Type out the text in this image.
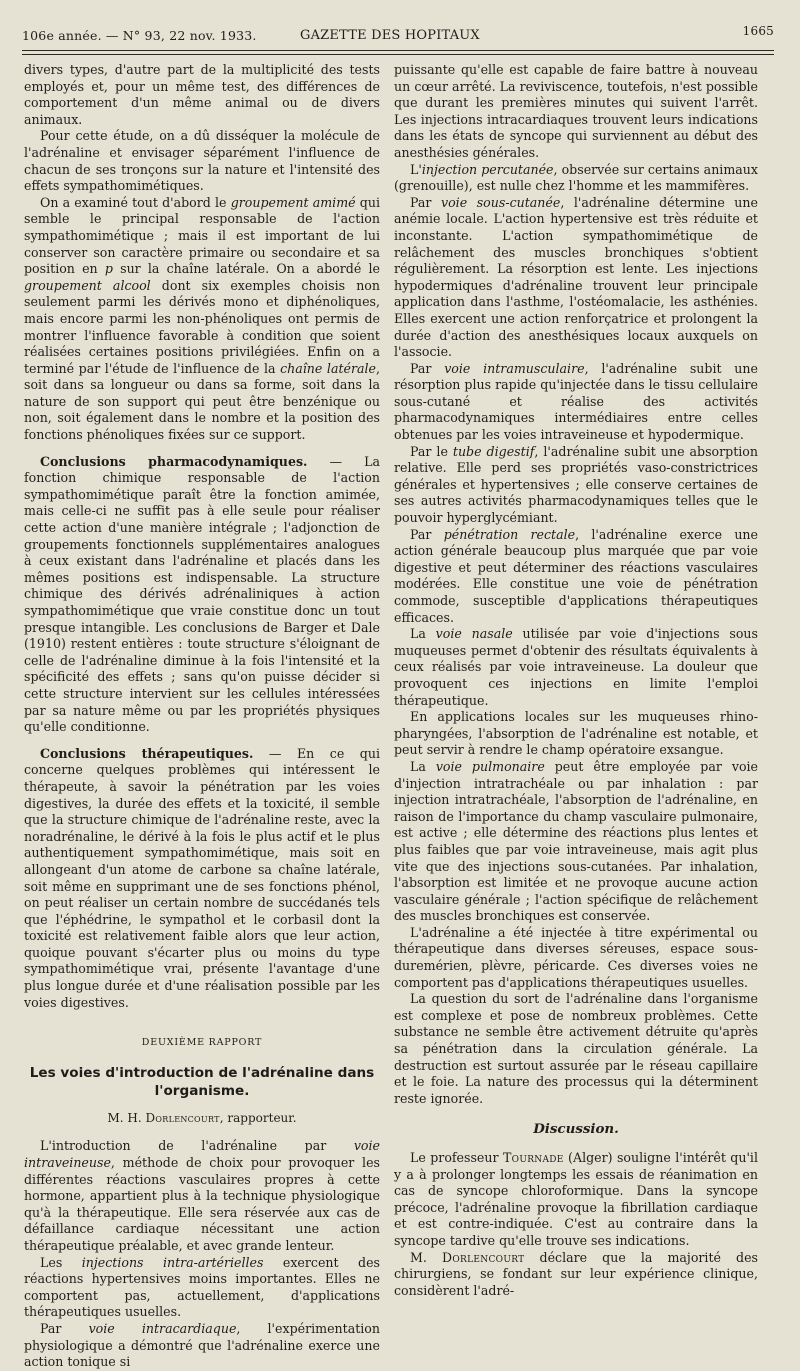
106e année. — N° 93, 22 nov. 1933.	GAZETTE DES HOPITAUX	1665

divers types, d'autre part de la multiplicité des tests employés et, pour un même test, des différences de comportement d'un même animal ou de divers animaux.

Pour cette étude, on a dû disséquer la molécule de l'adrénaline et envisager séparément l'influence de chacun de ses tronçons sur la nature et l'intensité des effets sympathomimétiques.

On a examiné tout d'abord le groupement amimé qui semble le principal responsable de l'action sympathomimétique ; mais il est important de lui conserver son caractère primaire ou secondaire et sa position en p sur la chaîne latérale. On a abordé le groupement alcool dont six exemples choisis non seulement parmi les dérivés mono et diphénoliques, mais encore parmi les non-phénoliques ont permis de montrer l'influence favorable à condition que soient réalisées certaines positions privilégiées. Enfin on a terminé par l'étude de l'influence de la chaîne latérale, soit dans sa longueur ou dans sa forme, soit dans la nature de son support qui peut être benzénique ou non, soit également dans le nombre et la position des fonctions phénoliques fixées sur ce support.

Conclusions pharmacodynamiques. — La fonction chimique responsable de l'action sympathomimétique paraît être la fonction amimée, mais celle-ci ne suffit pas à elle seule pour réaliser cette action d'une manière intégrale ; l'adjonction de groupements fonctionnels supplémentaires analogues à ceux existant dans l'adrénaline et placés dans les mêmes positions est indispensable. La structure chimique des dérivés adrénaliniques à action sympathomimétique que vraie constitue donc un tout presque intangible. Les conclusions de Barger et Dale (1910) restent entières : toute structure s'éloignant de celle de l'adrénaline diminue à la fois l'intensité et la spécificité des effets ; sans qu'on puisse décider si cette structure intervient sur les cellules intéressées par sa nature même ou par les propriétés physiques qu'elle conditionne.

Conclusions thérapeutiques. — En ce qui concerne quelques problèmes qui intéressent le thérapeute, à savoir la pénétration par les voies digestives, la durée des effets et la toxicité, il semble que la structure chimique de l'adrénaline reste, avec la noradrénaline, le dérivé à la fois le plus actif et le plus authentiquement sympathomimétique, mais soit en allongeant d'un atome de carbone sa chaîne latérale, soit même en supprimant une de ses fonctions phénol, on peut réaliser un certain nombre de succédanés tels que l'éphédrine, le sympathol et le corbasil dont la toxicité est relativement faible alors que leur action, quoique pouvant s'écarter plus ou moins du type sympathomimétique vrai, présente l'avantage d'une plus longue durée et d'une réalisation possible par les voies digestives.

DEUXIÈME RAPPORT
Les voies d'introduction de l'adrénaline dans l'organisme.
M. H. Dorlencourt, rapporteur.

L'introduction de l'adrénaline par voie intraveineuse, méthode de choix pour provoquer les différentes réactions vasculaires propres à cette hormone, appartient plus à la technique physiologique qu'à la thérapeutique. Elle sera réservée aux cas de défaillance cardiaque nécessitant une action thérapeutique préalable, et avec grande lenteur.

Les injections intra-artérielles exercent des réactions hypertensives moins importantes. Elles ne comportent pas, actuellement, d'applications thérapeutiques usuelles.

Par voie intracardiaque, l'expérimentation physiologique a démontré que l'adrénaline exerce une action tonique si

puissante qu'elle est capable de faire battre à nouveau un cœur arrêté. La reviviscence, toutefois, n'est possible que durant les premières minutes qui suivent l'arrêt. Les injections intracardiaques trouvent leurs indications dans les états de syncope qui surviennent au début des anesthésies générales.

L'injection percutanée, observée sur certains animaux (grenouille), est nulle chez l'homme et les mammifères.

Par voie sous-cutanée, l'adrénaline détermine une anémie locale. L'action hypertensive est très réduite et inconstante. L'action sympathomimétique de relâchement des muscles bronchiques s'obtient régulièrement. La résorption est lente. Les injections hypodermiques d'adrénaline trouvent leur principale application dans l'asthme, l'ostéomalacie, les asthénies. Elles exercent une action renforçatrice et prolongent la durée d'action des anesthésiques locaux auxquels on l'associe.

Par voie intramusculaire, l'adrénaline subit une résorption plus rapide qu'injectée dans le tissu cellulaire sous-cutané et réalise des activités pharmacodynamiques intermédiaires entre celles obtenues par les voies intraveineuse et hypodermique.

Par le tube digestif, l'adrénaline subit une absorption relative. Elle perd ses propriétés vaso-constrictrices générales et hypertensives ; elle conserve certaines de ses autres activités pharmacodynamiques telles que le pouvoir hyperglycémiant.

Par pénétration rectale, l'adrénaline exerce une action générale beaucoup plus marquée que par voie digestive et peut déterminer des réactions vasculaires modérées. Elle constitue une voie de pénétration commode, susceptible d'applications thérapeutiques efficaces.

La voie nasale utilisée par voie d'injections sous muqueuses permet d'obtenir des résultats équivalents à ceux réalisés par voie intraveineuse. La douleur que provoquent ces injections en limite l'emploi thérapeutique.

En applications locales sur les muqueuses rhino-pharyngées, l'absorption de l'adrénaline est notable, et peut servir à rendre le champ opératoire exsangue.

La voie pulmonaire peut être employée par voie d'injection intratrachéale ou par inhalation : par injection intratrachéale, l'absorption de l'adrénaline, en raison de l'importance du champ vasculaire pulmonaire, est active ; elle détermine des réactions plus lentes et plus faibles que par voie intraveineuse, mais agit plus vite que des injections sous-cutanées. Par inhalation, l'absorption est limitée et ne provoque aucune action vasculaire générale ; l'action spécifique de relâchement des muscles bronchiques est conservée.

L'adrénaline a été injectée à titre expérimental ou thérapeutique dans diverses séreuses, espace sous-duremérien, plèvre, péricarde. Ces diverses voies ne comportent pas d'applications thérapeutiques usuelles.

La question du sort de l'adrénaline dans l'organisme est complexe et pose de nombreux problèmes. Cette substance ne semble être activement détruite qu'après sa pénétration dans la circulation générale. La destruction est surtout assurée par le réseau capillaire et le foie. La nature des processus qui la déterminent reste ignorée.

Discussion.

Le professeur Tournade (Alger) souligne l'intérêt qu'il y a à prolonger longtemps les essais de réanimation en cas de syncope chloroformique. Dans la syncope précoce, l'adrénaline provoque la fibrillation cardiaque et est contre-indiquée. C'est au contraire dans la syncope tardive qu'elle trouve ses indications.

M. Dorlencourt déclare que la majorité des chirurgiens, se fondant sur leur expérience clinique, considèrent l'adré-
